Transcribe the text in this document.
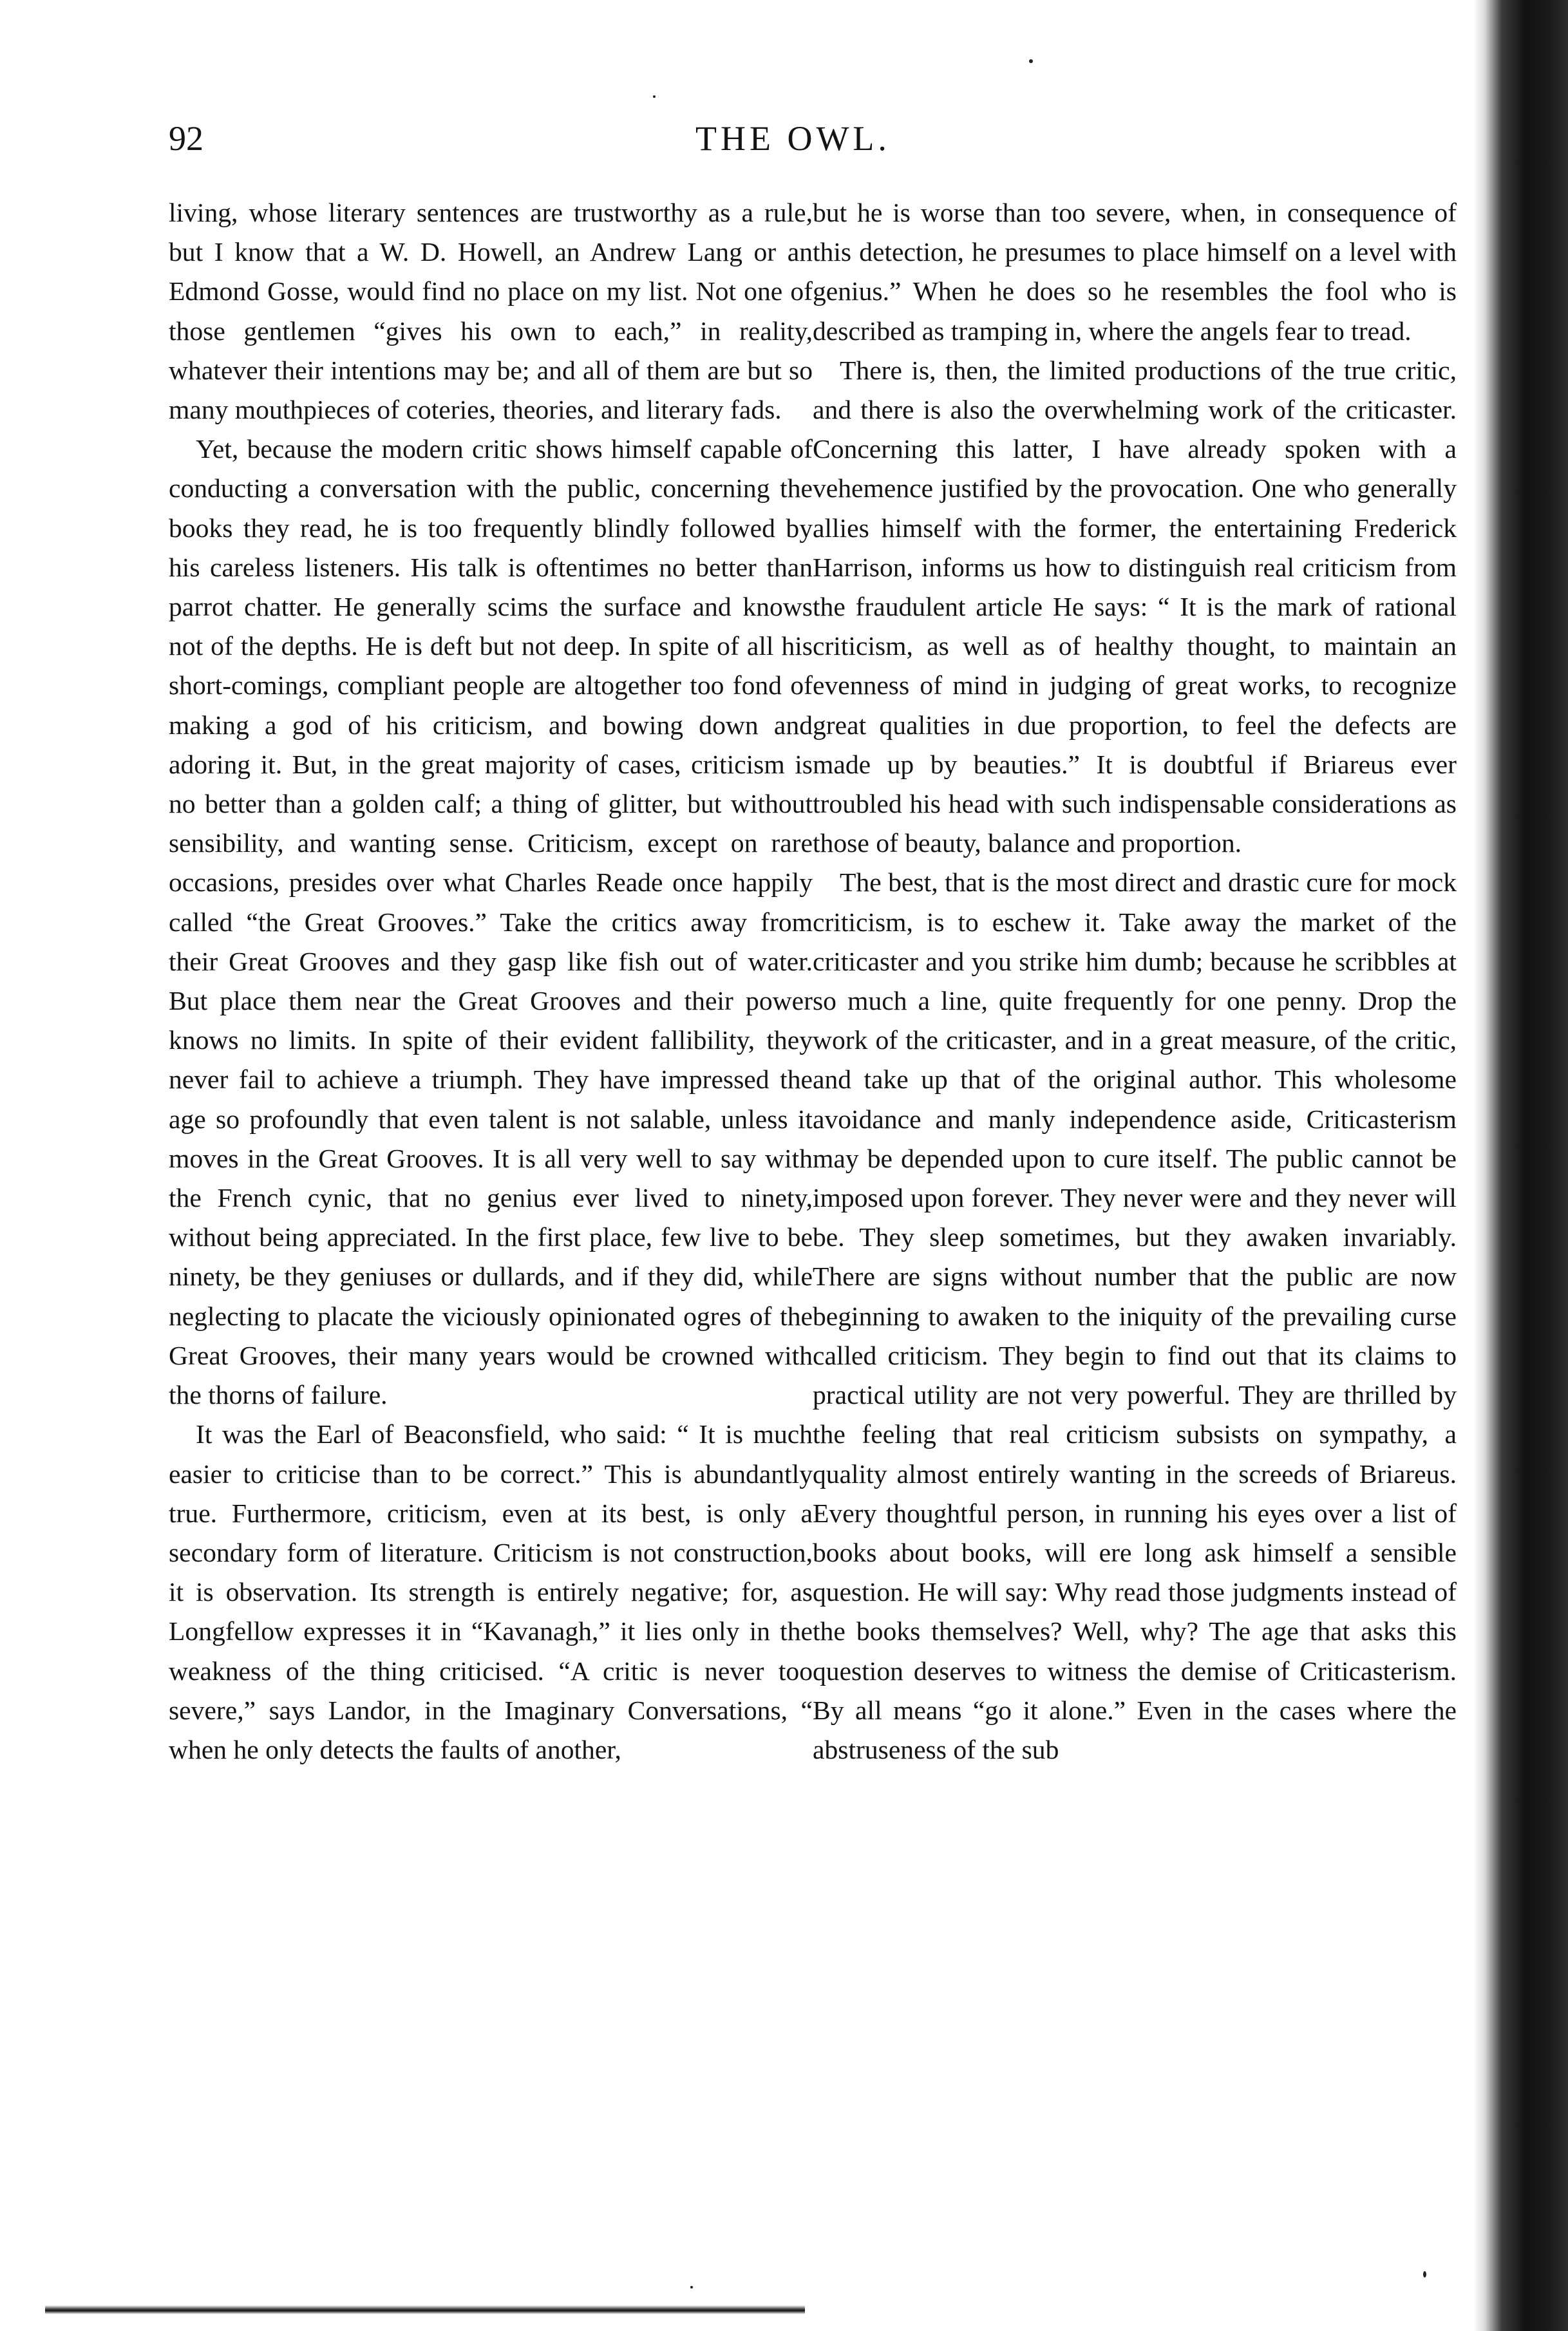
92	THE OWL.

living, whose literary sentences are trustworthy as a rule, but I know that a W. D. Howell, an Andrew Lang or an Edmond Gosse, would find no place on my list. Not one of those gentlemen “gives his own to each,” in reality, whatever their intentions may be; and all of them are but so many mouthpieces of coteries, theories, and literary fads.

Yet, because the modern critic shows himself capable of conducting a conversation with the public, concerning the books they read, he is too frequently blindly followed by his careless listeners. His talk is oftentimes no better than parrot chatter. He generally scims the surface and knows not of the depths. He is deft but not deep. In spite of all his short-comings, compliant people are altogether too fond of making a god of his criticism, and bowing down and adoring it. But, in the great majority of cases, criticism is no better than a golden calf; a thing of glitter, but without sensibility, and wanting sense. Criticism, except on rare occasions, presides over what Charles Reade once happily called “the Great Grooves.” Take the critics away from their Great Grooves and they gasp like fish out of water. But place them near the Great Grooves and their power knows no limits. In spite of their evident fallibility, they never fail to achieve a triumph. They have impressed the age so profoundly that even talent is not salable, unless it moves in the Great Grooves. It is all very well to say with the French cynic, that no genius ever lived to ninety, without being appreciated. In the first place, few live to be ninety, be they geniuses or dullards, and if they did, while neglecting to placate the viciously opinionated ogres of the Great Grooves, their many years would be crowned with the thorns of failure.

It was the Earl of Beaconsfield, who said: “ It is much easier to criticise than to be correct.” This is abundantly true. Furthermore, criticism, even at its best, is only a secondary form of literature. Criticism is not construction, it is observation. Its strength is entirely negative; for, as Longfellow expresses it in “Kavanagh,” it lies only in the weakness of the thing criticised. “A critic is never too severe,” says Landor, in the Imaginary Conversations, “ when he only detects the faults of another,

but he is worse than too severe, when, in consequence of this detection, he presumes to place himself on a level with genius.” When he does so he resembles the fool who is described as tramping in, where the angels fear to tread.

There is, then, the limited productions of the true critic, and there is also the overwhelming work of the criticaster. Concerning this latter, I have already spoken with a vehemence justified by the provocation. One who generally allies himself with the former, the entertaining Frederick Harrison, informs us how to distinguish real criticism from the fraudulent article He says: “ It is the mark of rational criticism, as well as of healthy thought, to maintain an evenness of mind in judging of great works, to recognize great qualities in due proportion, to feel the defects are made up by beauties.” It is doubtful if Briareus ever troubled his head with such indispensable considerations as those of beauty, balance and proportion.

The best, that is the most direct and drastic cure for mock criticism, is to eschew it. Take away the market of the criticaster and you strike him dumb; because he scribbles at so much a line, quite frequently for one penny. Drop the work of the criticaster, and in a great measure, of the critic, and take up that of the original author. This wholesome avoidance and manly independence aside, Criticasterism may be depended upon to cure itself. The public cannot be imposed upon forever. They never were and they never will be. They sleep sometimes, but they awaken invariably. There are signs without number that the public are now beginning to awaken to the iniquity of the prevailing curse called criticism. They begin to find out that its claims to practical utility are not very powerful. They are thrilled by the feeling that real criticism subsists on sympathy, a quality almost entirely wanting in the screeds of Briareus. Every thoughtful person, in running his eyes over a list of books about books, will ere long ask himself a sensible question. He will say: Why read those judgments instead of the books themselves? Well, why? The age that asks this question deserves to witness the demise of Criticasterism. By all means “go it alone.” Even in the cases where the abstruseness of the sub
